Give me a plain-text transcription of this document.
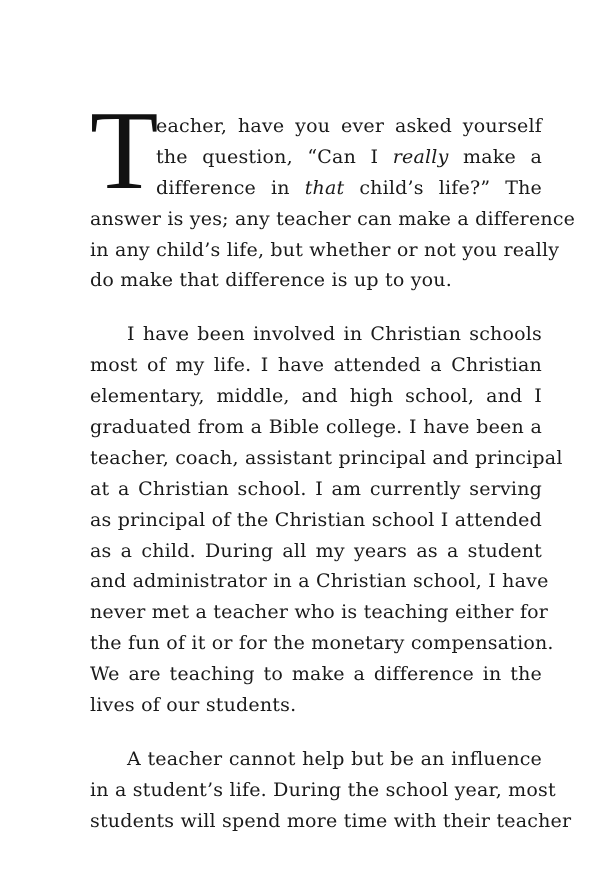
T
eacher, have you ever asked yourself
the question, “Can I really make a
difference in that child’s life?” The
answer is yes; any teacher can make a difference
in any child’s life, but whether or not you really
do make that difference is up to you.
I have been involved in Christian schools
most of my life. I have attended a Christian
elementary, middle, and high school, and I
graduated from a Bible college. I have been a
teacher, coach, assistant principal and principal
at a Christian school. I am currently serving
as principal of the Christian school I attended
as a child. During all my years as a student
and administrator in a Christian school, I have
never met a teacher who is teaching either for
the fun of it or for the monetary compensation.
We are teaching to make a difference in the
lives of our students.
A teacher cannot help but be an influence
in a student’s life. During the school year, most
students will spend more time with their teacher
